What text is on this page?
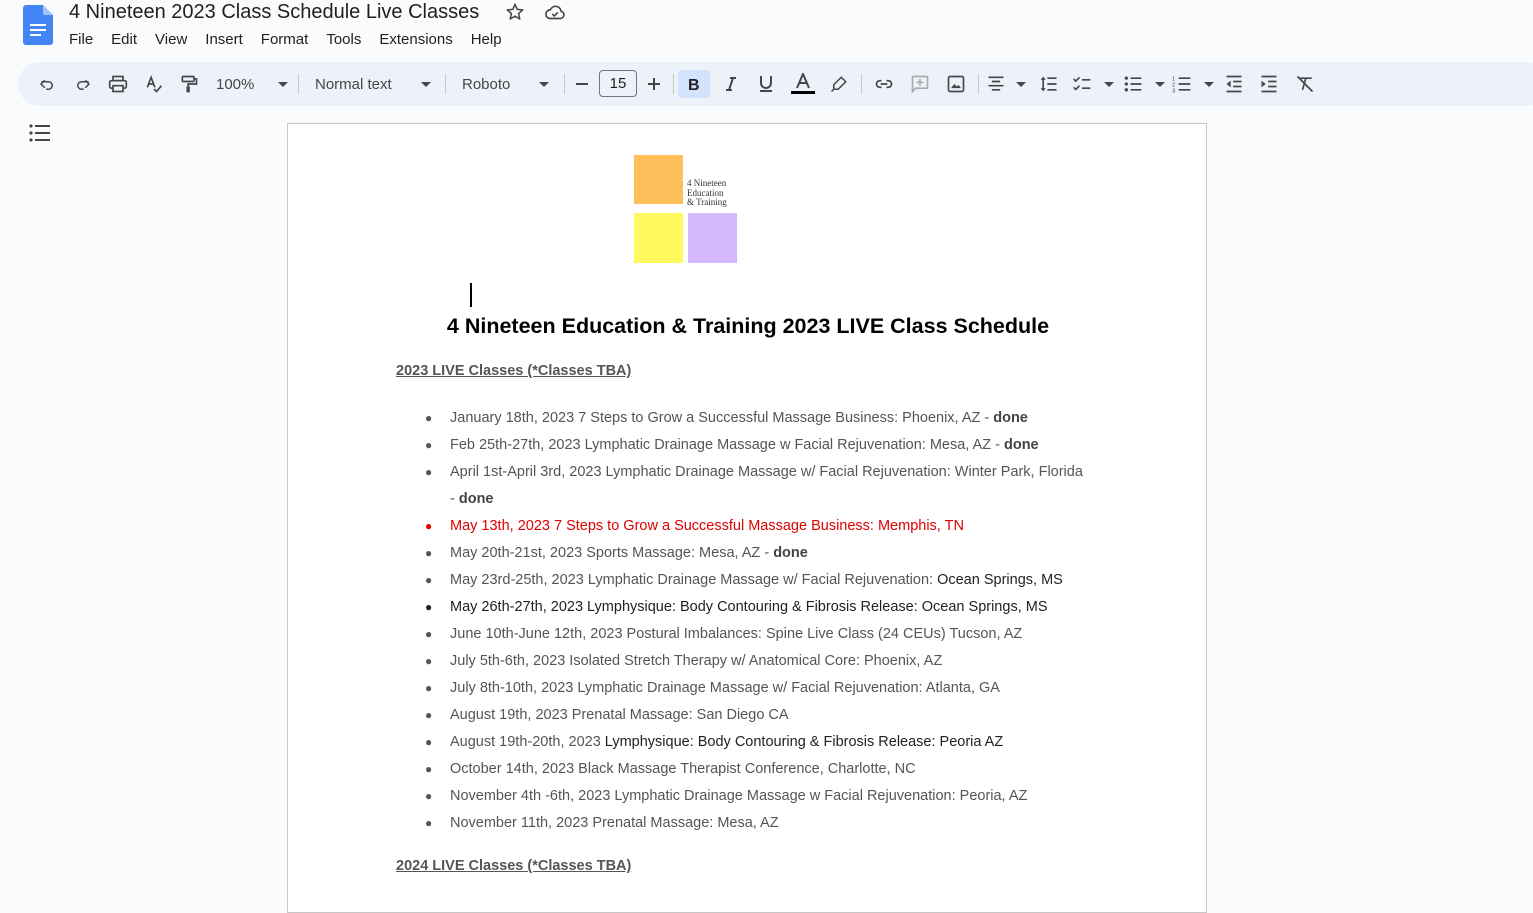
4 Nineteen 2023 Class Schedule Live Classes
File	Edit	View	Insert	Format	Tools	Extensions	Help
100%	Normal text	Roboto	15	B	1
2
3
4 Nineteen
Education
& Training
4 Nineteen Education & Training 2023 LIVE Class Schedule
2023 LIVE Classes (*Classes TBA)
● January 18th, 2023 7 Steps to Grow a Successful Massage Business: Phoenix, AZ - done
● Feb 25th-27th, 2023 Lymphatic Drainage Massage w Facial Rejuvenation: Mesa, AZ - done
● April 1st-April 3rd, 2023 Lymphatic Drainage Massage w/ Facial Rejuvenation: Winter Park, Florida
- done
● May 13th, 2023 7 Steps to Grow a Successful Massage Business: Memphis, TN
● May 20th-21st, 2023 Sports Massage: Mesa, AZ - done
● May 23rd-25th, 2023 Lymphatic Drainage Massage w/ Facial Rejuvenation: Ocean Springs, MS
● May 26th-27th, 2023 Lymphysique: Body Contouring & Fibrosis Release: Ocean Springs, MS
● June 10th-June 12th, 2023 Postural Imbalances: Spine Live Class (24 CEUs) Tucson, AZ
● July 5th-6th, 2023 Isolated Stretch Therapy w/ Anatomical Core: Phoenix, AZ
● July 8th-10th, 2023 Lymphatic Drainage Massage w/ Facial Rejuvenation: Atlanta, GA
● August 19th, 2023 Prenatal Massage: San Diego CA
● August 19th-20th, 2023 Lymphysique: Body Contouring & Fibrosis Release: Peoria AZ
● October 14th, 2023 Black Massage Therapist Conference, Charlotte, NC
● November 4th -6th, 2023 Lymphatic Drainage Massage w Facial Rejuvenation: Peoria, AZ
● November 11th, 2023 Prenatal Massage: Mesa, AZ
2024 LIVE Classes (*Classes TBA)
